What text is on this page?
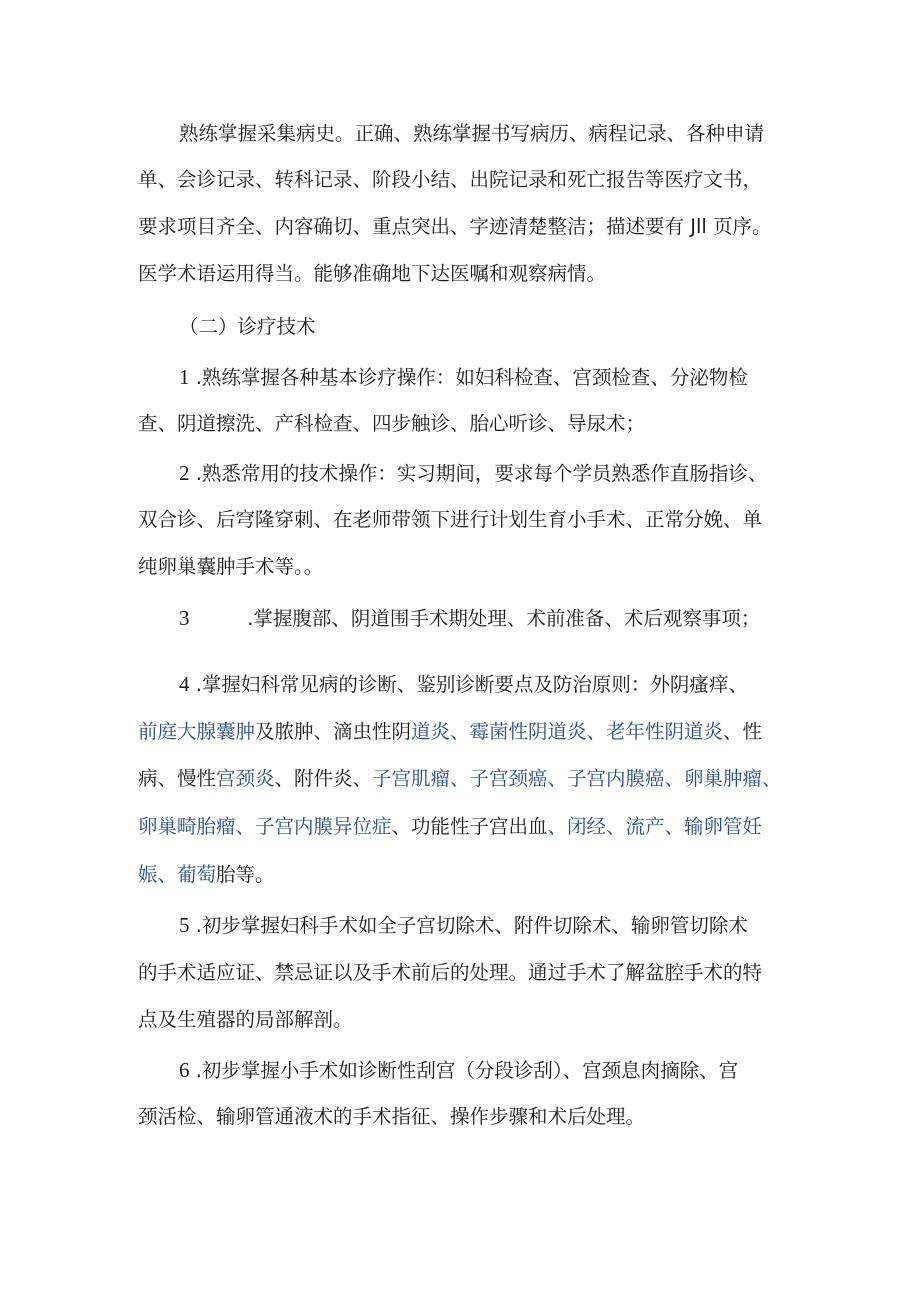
熟练掌握采集病史。正确、熟练掌握书写病历、病程记录、各种申请

单、会诊记录、转科记录、阶段小结、出院记录和死亡报告等医疗文书，

要求项目齐全、内容确切、重点突出、字迹清楚整洁；描述要有 Jll 页序。

医学术语运用得当。能够准确地下达医嘱和观察病情。

（二）诊疗技术

1 .熟练掌握各种基本诊疗操作：如妇科检查、宫颈检查、分泌物检

查、阴道擦洗、产科检查、四步触诊、胎心听诊、导尿术；

2 .熟悉常用的技术操作：实习期间，要求每个学员熟悉作直肠指诊、

双合诊、后穹隆穿刺、在老师带领下进行计划生育小手术、正常分娩、单

纯卵巢囊肿手术等。。

3	.掌握腹部、阴道围手术期处理、术前准备、术后观察事项；

4 .掌握妇科常见病的诊断、鉴别诊断要点及防治原则：外阴瘙痒、

前庭大腺囊肿及脓肿、滴虫性阴道炎、霉菌性阴道炎、老年性阴道炎、性

病、慢性宫颈炎、附件炎、子宫肌瘤、子宫颈癌、子宫内膜癌、卵巢肿瘤、

卵巢畸胎瘤、子宫内膜异位症、功能性子宫出血、闭经、流产、输卵管妊

娠、葡萄胎等。

5 .初步掌握妇科手术如全子宫切除术、附件切除术、输卵管切除术

的手术适应证、禁忌证以及手术前后的处理。通过手术了解盆腔手术的特

点及生殖器的局部解剖。

6 .初步掌握小手术如诊断性刮宫（分段诊刮）、宫颈息肉摘除、宫

颈活检、输卵管通液术的手术指征、操作步骤和术后处理。
